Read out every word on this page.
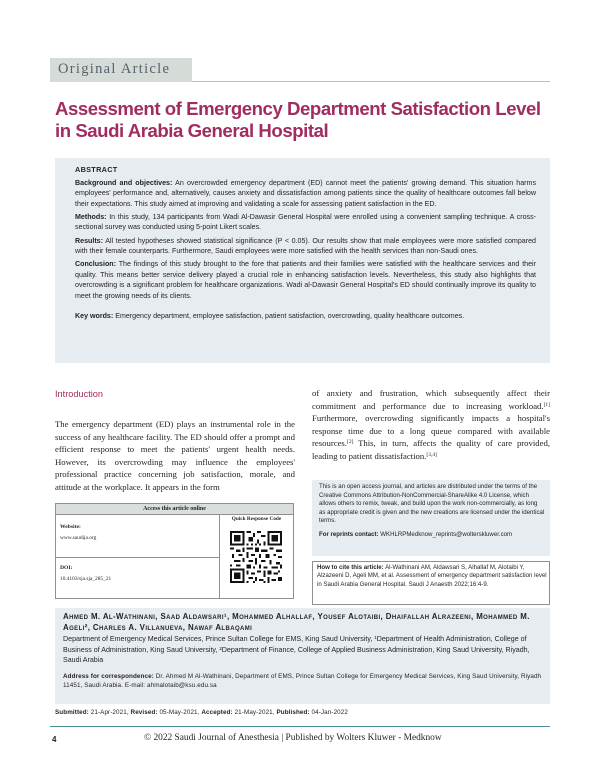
Original Article
Assessment of Emergency Department Satisfaction Level in Saudi Arabia General Hospital
ABSTRACT

Background and objectives: An overcrowded emergency department (ED) cannot meet the patients' growing demand. This situation harms employees' performance and, alternatively, causes anxiety and dissatisfaction among patients since the quality of healthcare outcomes fall below their expectations. This study aimed at improving and validating a scale for assessing patient satisfaction in the ED.

Methods: In this study, 134 participants from Wadi Al-Dawasir General Hospital were enrolled using a convenient sampling technique. A cross-sectional survey was conducted using 5-point Likert scales.

Results: All tested hypotheses showed statistical significance (P < 0.05). Our results show that male employees were more satisfied compared with their female counterparts. Furthermore, Saudi employees were more satisfied with the health services than non-Saudi ones.

Conclusion: The findings of this study brought to the fore that patients and their families were satisfied with the healthcare services and their quality. This means better service delivery played a crucial role in enhancing satisfaction levels. Nevertheless, this study also highlights that overcrowding is a significant problem for healthcare organizations. Wadi al-Dawasir General Hospital's ED should continually improve its quality to meet the growing needs of its clients.

Key words: Emergency department, employee satisfaction, patient satisfaction, overcrowding, quality healthcare outcomes.

Introduction

The emergency department (ED) plays an instrumental role in the success of any healthcare facility. The ED should offer a prompt and efficient response to meet the patients' urgent health needs. However, its overcrowding may influence the employees' professional practice concerning job satisfaction, morale, and attitude at the workplace. It appears in the form

of anxiety and frustration, which subsequently affect their commitment and performance due to increasing workload.[1] Furthermore, overcrowding significantly impacts a hospital's response time due to a long queue compared with available resources.[2] This, in turn, affects the quality of care provided, leading to patient dissatisfaction.[3,4]

Access this article online
Quick Response Code
Website:

www.saudija.org
DOI:

10.4103/sja.sja_285_21

This is an open access journal, and articles are distributed under the terms of the Creative Commons Attribution-NonCommercial-ShareAlike 4.0 License, which allows others to remix, tweak, and build upon the work non-commercially, as long as appropriate credit is given and the new creations are licensed under the identical terms.

For reprints contact: WKHLRPMedknow_reprints@wolterskluwer.com

How to cite this article: Al-Wathinani AM, Aldawsari S, Alhallaf M, Alotaibi Y, Alzazeeni D, Ageli MM, et al. Assessment of emergency department satisfaction level in Saudi Arabia General Hospital. Saudi J Anaesth 2022;16:4-9.

Ahmed M. Al-Wathinani, Saad Aldawsari¹, Mohammed Alhallaf, Yousef Alotaibi, Dhaifallah Alrazeeni, Mohammed M. Ageli², Charles A. Villanueva, Nawaf Albaqami

Department of Emergency Medical Services, Prince Sultan College for EMS, King Saud University, ¹Department of Health Administration, College of Business of Administration, King Saud University, ²Department of Finance, College of Applied Business Administration, King Saud University, Riyadh, Saudi Arabia

Address for correspondence: Dr. Ahmed M Al-Wathinani, Department of EMS, Prince Sultan College for Emergency Medical Services, King Saud University, Riyadh 11451, Saudi Arabia. E-mail: ahmalotaib@ksu.edu.sa

Submitted: 21-Apr-2021, Revised: 05-May-2021, Accepted: 21-May-2021, Published: 04-Jan-2022
4	© 2022 Saudi Journal of Anesthesia | Published by Wolters Kluwer - Medknow
